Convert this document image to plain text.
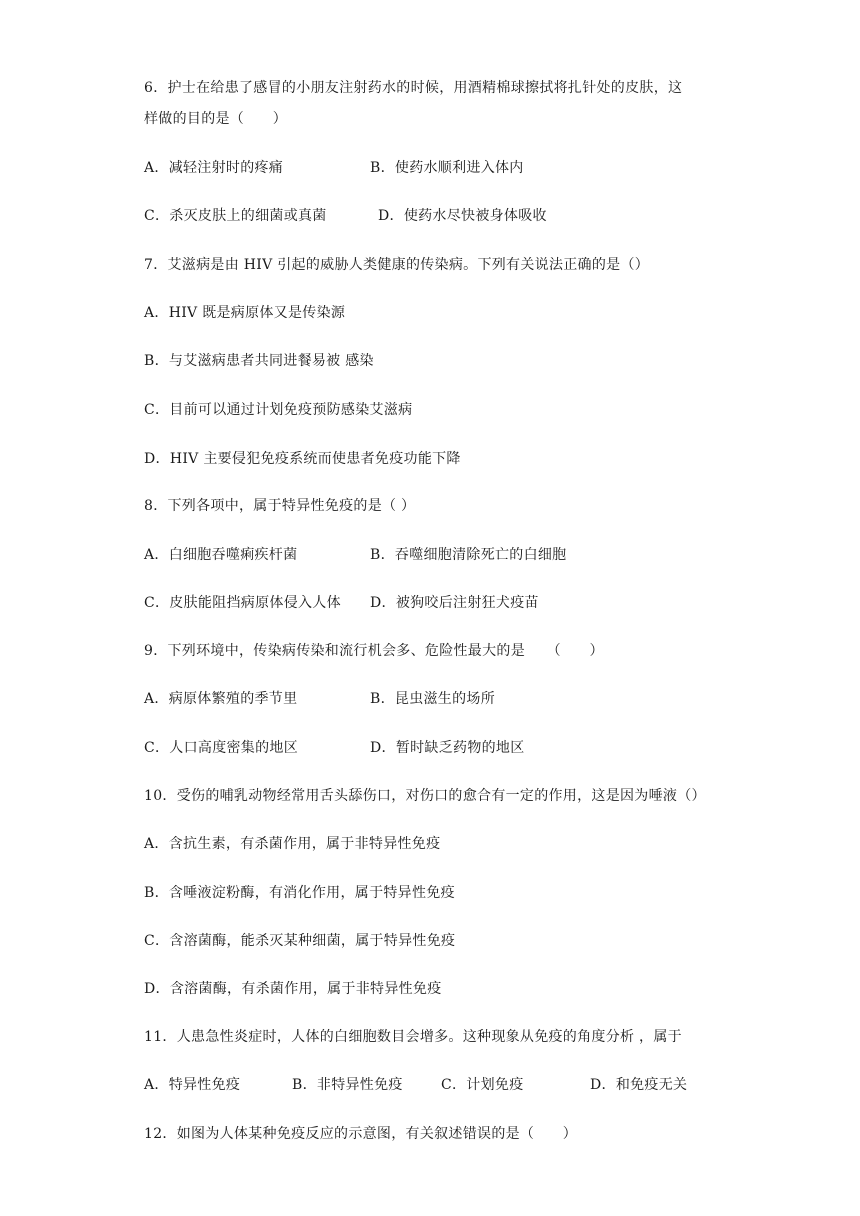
6．护士在给患了感冒的小朋友注射药水的时候，用酒精棉球擦拭将扎针处的皮肤，这
样做的目的是（　　）
A．减轻注射时的疼痛	B．使药水顺利进入体内
C．杀灭皮肤上的细菌或真菌	D．使药水尽快被身体吸收
7．艾滋病是由 HIV 引起的威胁人类健康的传染病。下列有关说法正确的是（）
A．HIV 既是病原体又是传染源
B．与艾滋病患者共同进餐易被 感染
C．目前可以通过计划免疫预防感染艾滋病
D．HIV 主要侵犯免疫系统而使患者免疫功能下降
8．下列各项中，属于特异性免疫的是（ ）
A．白细胞吞噬痢疾杆菌	B．吞噬细胞清除死亡的白细胞
C．皮肤能阻挡病原体侵入人体 D．被狗咬后注射狂犬疫苗
9．下列环境中，传染病传染和流行机会多、危险性最大的是　　（　　）
A．病原体繁殖的季节里	B．昆虫滋生的场所
C．人口高度密集的地区	D．暂时缺乏药物的地区
10．受伤的哺乳动物经常用舌头舔伤口，对伤口的愈合有一定的作用，这是因为唾液（）
A．含抗生素，有杀菌作用，属于非特异性免疫
B．含唾液淀粉酶，有消化作用，属于特异性免疫
C．含溶菌酶，能杀灭某种细菌，属于特异性免疫
D．含溶菌酶，有杀菌作用，属于非特异性免疫
11．人患急性炎症时，人体的白细胞数目会增多。这种现象从免疫的角度分析 ，属于
A．特异性免疫	B．非特异性免疫	C．计划免疫	D．和免疫无关
12．如图为人体某种免疫反应的示意图，有关叙述错误的是（　　）
